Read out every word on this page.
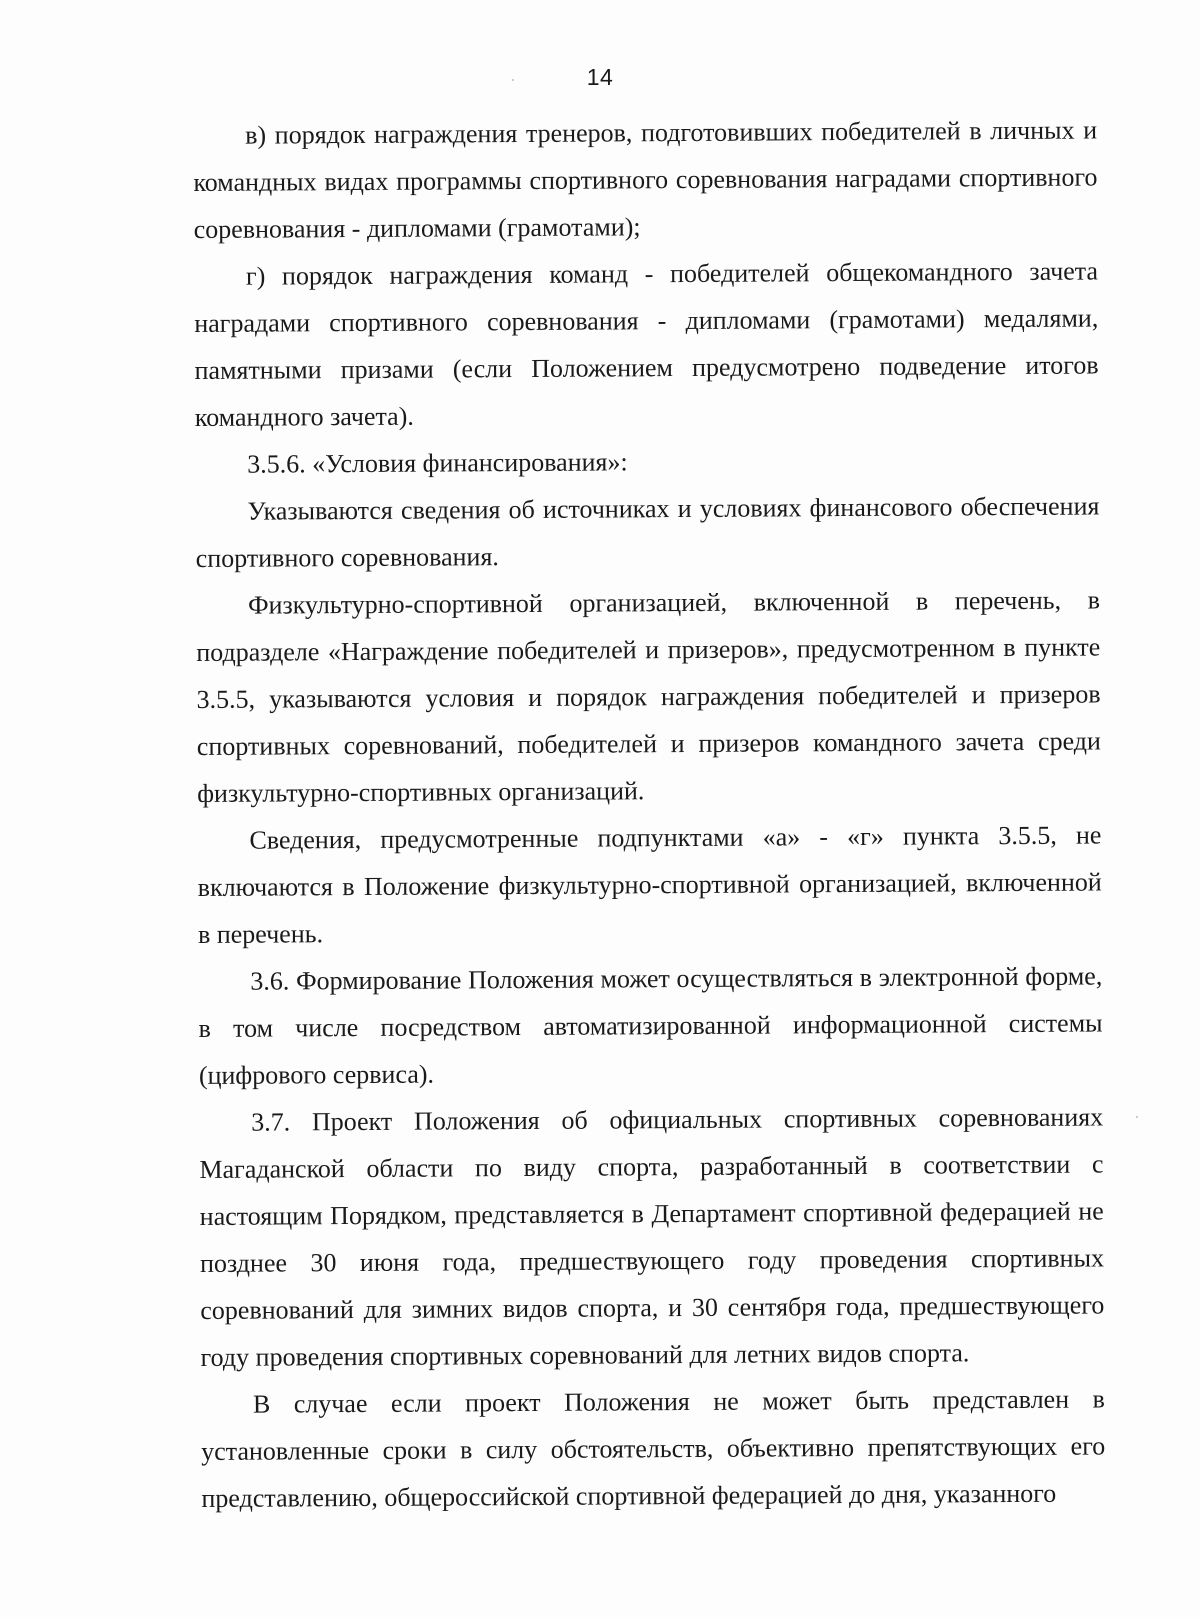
14

в) порядок награждения тренеров, подготовивших победителей в личных и командных видах программы спортивного соревнования наградами спортивного соревнования - дипломами (грамотами);

г) порядок награждения команд - победителей общекомандного зачета наградами спортивного соревнования - дипломами (грамотами) медалями, памятными призами (если Положением предусмотрено подведение итогов командного зачета).

3.5.6. «Условия финансирования»:

Указываются сведения об источниках и условиях финансового обеспечения спортивного соревнования.

Физкультурно-спортивной организацией, включенной в перечень, в подразделе «Награждение победителей и призеров», предусмотренном в пункте 3.5.5, указываются условия и порядок награждения победителей и призеров спортивных соревнований, победителей и призеров командного зачета среди физкультурно-спортивных организаций.

Сведения, предусмотренные подпунктами «а» - «г» пункта 3.5.5, не включаются в Положение физкультурно-спортивной организацией, включенной в перечень.

3.6. Формирование Положения может осуществляться в электронной форме, в том числе посредством автоматизированной информационной системы (цифрового сервиса).

3.7. Проект Положения об официальных спортивных соревнованиях Магаданской области по виду спорта, разработанный в соответствии с настоящим Порядком, представляется в Департамент спортивной федерацией не позднее 30 июня года, предшествующего году проведения спортивных соревнований для зимних видов спорта, и 30 сентября года, предшествующего году проведения спортивных соревнований для летних видов спорта.

В случае если проект Положения не может быть представлен в установленные сроки в силу обстоятельств, объективно препятствующих его представлению, общероссийской спортивной федерацией до дня, указанного
